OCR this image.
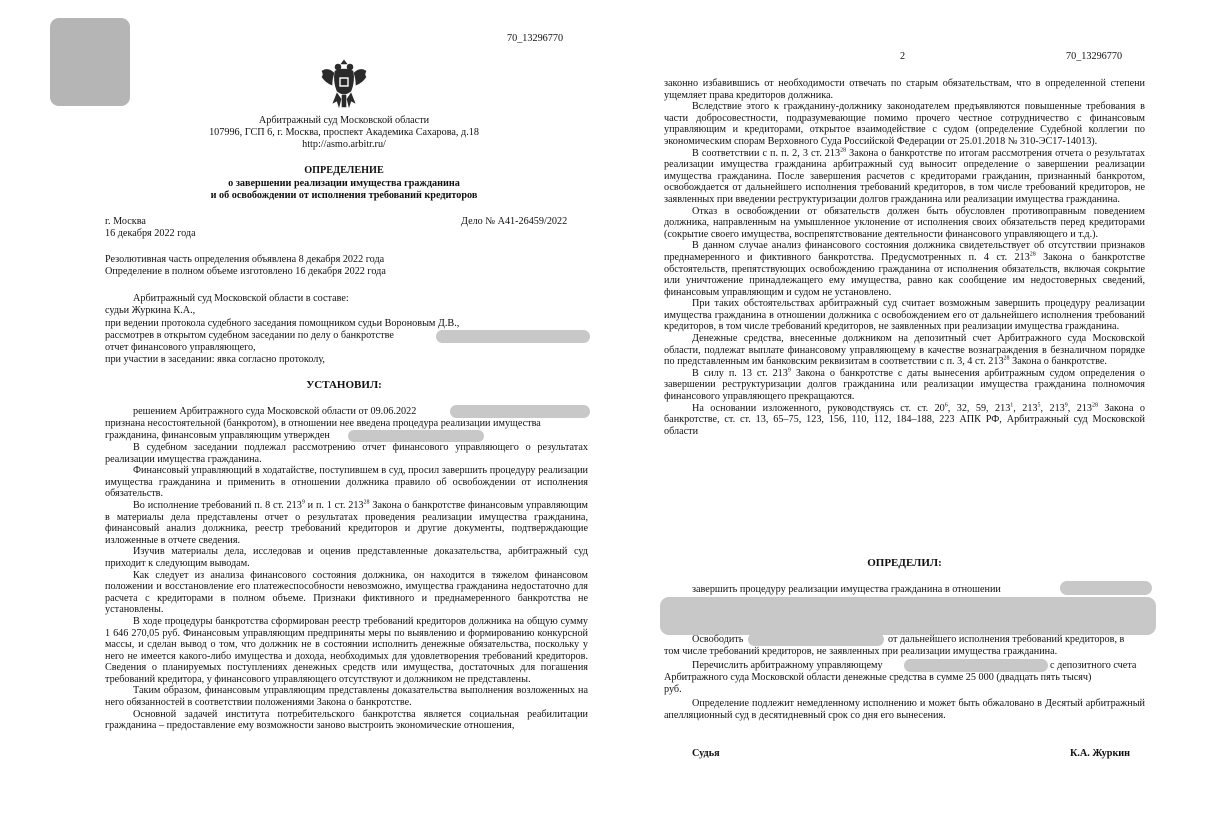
70_13296770
Арбитражный суд Московской области
107996, ГСП 6, г. Москва, проспект Академика Сахарова, д.18
http://asmo.arbitr.ru/
ОПРЕДЕЛЕНИЕ
о завершении реализации имущества гражданина
и об освобождении от исполнения требований кредиторов
г. Москва	Дело № А41-26459/2022
16 декабря 2022 года
Резолютивная часть определения объявлена 8 декабря 2022 года
Определение в полном объеме изготовлено 16 декабря 2022 года
Арбитражный суд Московской области в составе:
судьи Журкина К.А.,
при ведении протокола судебного заседания помощником судьи Вороновым Д.В.,
рассмотрев в открытом судебном заседании по делу о банкротстве
отчет финансового управляющего,
при участии в заседании: явка согласно протоколу,
УСТАНОВИЛ:
решением Арбитражного суда Московской области от 09.06.2022
признана несостоятельной (банкротом), в отношении нее введена процедура реализации имущества
гражданина, финансовым управляющим утвержден

В судебном заседании подлежал рассмотрению отчет финансового управляющего о результатах реализации имущества гражданина.

Финансовый управляющий в ходатайстве, поступившем в суд, просил завершить процедуру реализации имущества гражданина и применить в отношении должника правило об освобождении от исполнения обязательств.

Во исполнение требований п. 8 ст. $213^9$ и п. 1 ст. $213^{28}$ Закона о банкротстве финансовым управляющим в материалы дела представлены отчет о результатах проведения реализации имущества гражданина, финансовый анализ должника, реестр требований кредиторов и другие документы, подтверждающие изложенные в отчете сведения.

Изучив материалы дела, исследовав и оценив представленные доказательства, арбитражный суд приходит к следующим выводам.

Как следует из анализа финансового состояния должника, он находится в тяжелом финансовом положении и восстановление его платежеспособности невозможно, имущества гражданина недостаточно для расчета с кредиторами в полном объеме. Признаки фиктивного и преднамеренного банкротства не установлены.

В ходе процедуры банкротства сформирован реестр требований кредиторов должника на общую сумму 1 646 270,05 руб. Финансовым управляющим предприняты меры по выявлению и формированию конкурсной массы, и сделан вывод о том, что должник не в состоянии исполнить денежные обязательства, поскольку у него не имеется какого-либо имущества и дохода, необходимых для удовлетворения требований кредиторов. Сведения о планируемых поступлениях денежных средств или имущества, достаточных для погашения требований кредитора, у финансового управляющего отсутствуют и должником не представлены.

Таким образом, финансовым управляющим представлены доказательства выполнения возложенных на него обязанностей в соответствии положениями Закона о банкротстве.

Основной задачей института потребительского банкротства является социальная реабилитации гражданина – предоставление ему возможности заново выстроить экономические отношения,

2	70_13296770

законно избавившись от необходимости отвечать по старым обязательствам, что в определенной степени ущемляет права кредиторов должника.

Вследствие этого к гражданину-должнику законодателем предъявляются повышенные требования в части добросовестности, подразумевающие помимо прочего честное сотрудничество с финансовым управляющим и кредиторами, открытое взаимодействие с судом (определение Судебной коллегии по экономическим спорам Верховного Суда Российской Федерации от 25.01.2018 № 310-ЭС17-14013).

В соответствии с п. п. 2, 3 ст. $213^{28}$ Закона о банкротстве по итогам рассмотрения отчета о результатах реализации имущества гражданина арбитражный суд выносит определение о завершении реализации имущества гражданина. После завершения расчетов с кредиторами гражданин, признанный банкротом, освобождается от дальнейшего исполнения требований кредиторов, в том числе требований кредиторов, не заявленных при введении реструктуризации долгов гражданина или реализации имущества гражданина.

Отказ в освобождении от обязательств должен быть обусловлен противоправным поведением должника, направленным на умышленное уклонение от исполнения своих обязательств перед кредиторами (сокрытие своего имущества, воспрепятствование деятельности финансового управляющего и т.д.).

В данном случае анализ финансового состояния должника свидетельствует об отсутствии признаков преднамеренного и фиктивного банкротства. Предусмотренных п. 4 ст. $213^{28}$ Закона о банкротстве обстоятельств, препятствующих освобождению гражданина от исполнения обязательств, включая сокрытие или уничтожение принадлежащего ему имущества, равно как сообщение им недостоверных сведений, финансовым управляющим и судом не установлено.

При таких обстоятельствах арбитражный суд считает возможным завершить процедуру реализации имущества гражданина в отношении должника с освобождением его от дальнейшего исполнения требований кредиторов, в том числе требований кредиторов, не заявленных при реализации имущества гражданина.

Денежные средства, внесенные должником на депозитный счет Арбитражного суда Московской области, подлежат выплате финансовому управляющему в качестве вознаграждения в безналичном порядке по представленным им банковским реквизитам в соответствии с п. 3, 4 ст. $213^{28}$ Закона о банкротстве.

В силу п. 13 ст. $213^9$ Закона о банкротстве с даты вынесения арбитражным судом определения о завершении реструктуризации долгов гражданина или реализации имущества гражданина полномочия финансового управляющего прекращаются.

На основании изложенного, руководствуясь ст. ст. $20^6$, 32, 59, $213^1$, $213^5$, $213^9$, $213^{28}$ Закона о банкротстве, ст. ст. 13, 65–75, 123, 156, 110, 112, 184–188, 223 АПК РФ, Арбитражный суд Московской области

ОПРЕДЕЛИЛ:
завершить процедуру реализации имущества гражданина в отношении
Освободить	от дальнейшего исполнения требований кредиторов, в
том числе требований кредиторов, не заявленных при реализации имущества гражданина.
Перечислить арбитражному управляющему	с депозитного счета
Арбитражного суда Московской области денежные средства в сумме 25 000 (двадцать пять тысяч)
руб.

Определение подлежит немедленному исполнению и может быть обжаловано в Десятый арбитражный апелляционный суд в десятидневный срок со дня его вынесения.

Судья	К.А. Журкин
